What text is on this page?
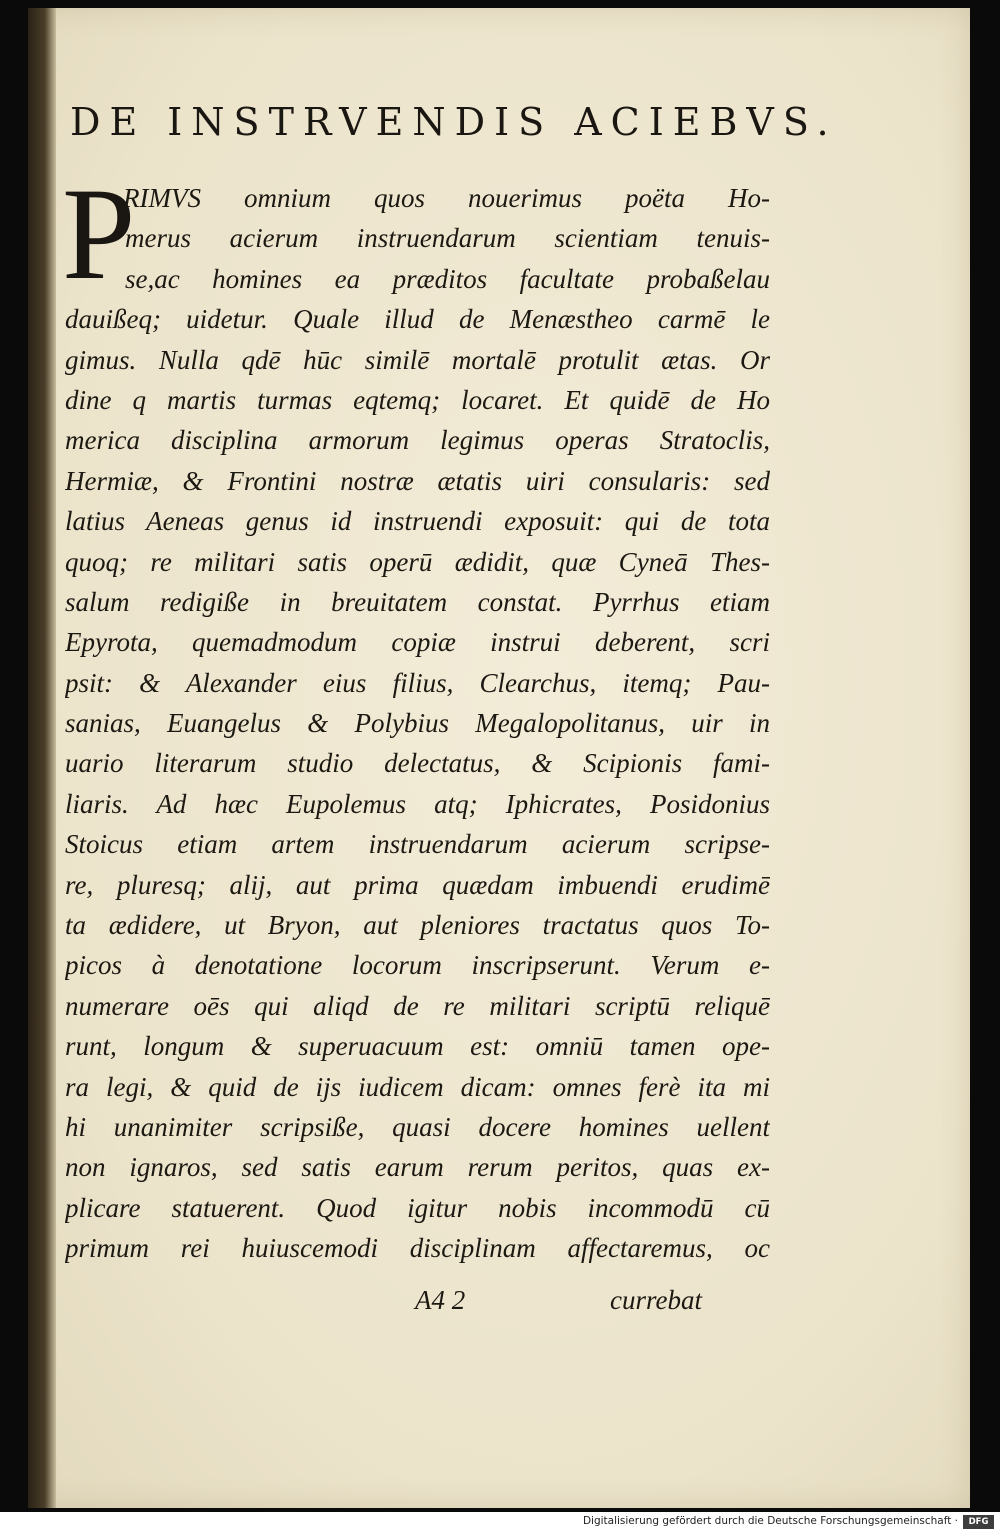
DE INSTRVENDIS ACIEBVS.
P
RIMVS omnium quos nouerimus poëta Ho-
merus acierum instruendarum scientiam tenuis-
se,ac homines ea præditos facultate probaßelau
dauißeq; uidetur. Quale illud de Menæstheo carmē le
gimus. Nulla qdē hūc similē mortalē protulit ætas. Or
dine q martis turmas eqtemq; locaret. Et quidē de Ho
merica disciplina armorum legimus operas Stratoclis,
Hermiæ, & Frontini nostræ ætatis uiri consularis: sed
latius Aeneas genus id instruendi exposuit: qui de tota
quoq; re militari satis operū ædidit, quæ Cyneā Thes-
salum redigiße in breuitatem constat. Pyrrhus etiam
Epyrota, quemadmodum copiæ instrui deberent, scri
psit: & Alexander eius filius, Clearchus, itemq; Pau-
sanias, Euangelus & Polybius Megalopolitanus, uir in
uario literarum studio delectatus, & Scipionis fami-
liaris. Ad hæc Eupolemus atq; Iphicrates, Posidonius
Stoicus etiam artem instruendarum acierum scripse-
re, pluresq; alij, aut prima quædam imbuendi erudimē
ta ædidere, ut Bryon, aut pleniores tractatus quos To-
picos à denotatione locorum inscripserunt. Verum e-
numerare oēs qui aliqd de re militari scriptū reliquē
runt, longum & superuacuum est: omniū tamen ope-
ra legi, & quid de ijs iudicem dicam: omnes ferè ita mi
hi unanimiter scripsiße, quasi docere homines uellent
non ignaros, sed satis earum rerum peritos, quas ex-
plicare statuerent. Quod igitur nobis incommodū cū
primum rei huiuscemodi disciplinam affectaremus, oc
A4 2	currebat
Digitalisierung gefördert durch die Deutsche Forschungsgemeinschaft ·	DFG
